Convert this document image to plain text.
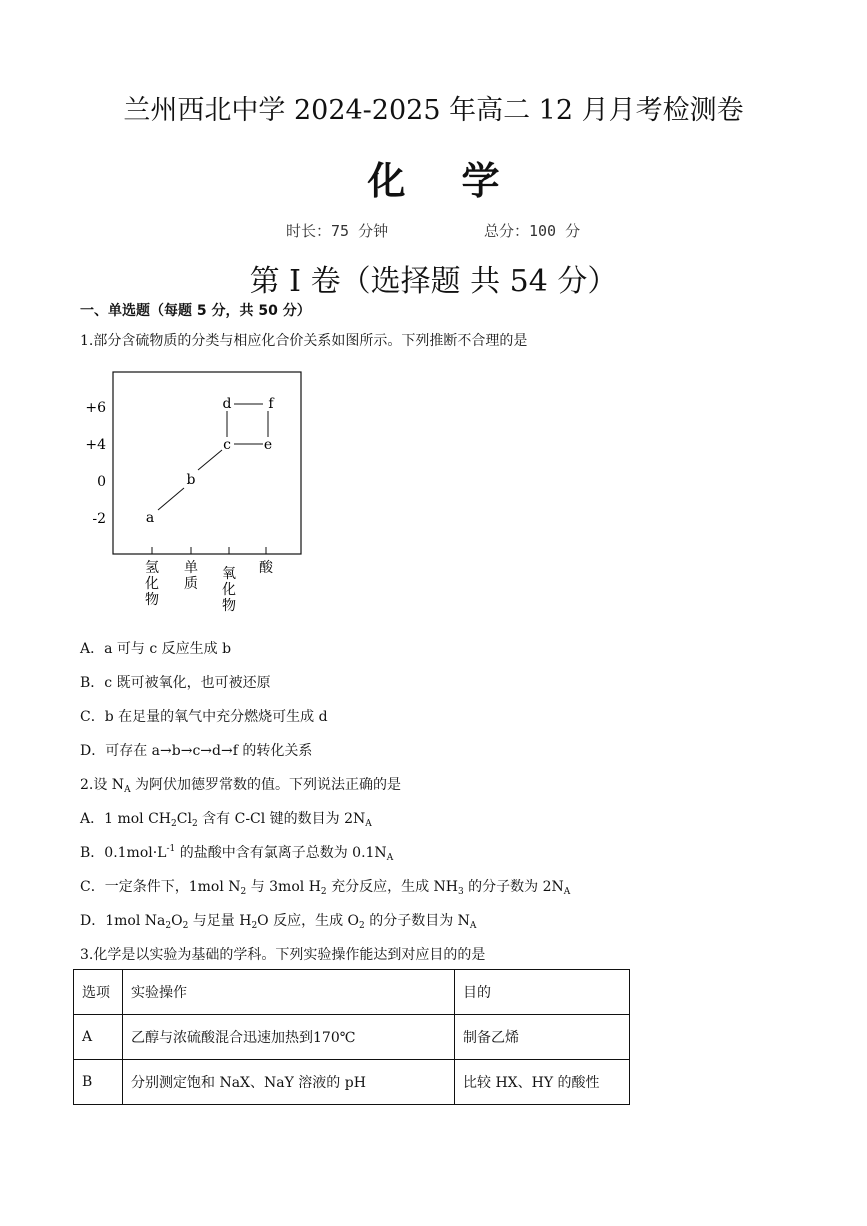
兰州西北中学 2024-2025 年高二 12 月月考检测卷
化学
时长：75 分钟	总分：100 分
第 I 卷（选择题 共 54 分）
一、单选题（每题 5 分，共 50 分）
1.部分含硫物质的分类与相应化合价关系如图所示。下列推断不合理的是
+6
+4
0
-2	a
b
c
d
e
f
氢化物
单质
氧化物
酸
A．a 可与 c 反应生成 b
B．c 既可被氧化，也可被还原
C．b 在足量的氧气中充分燃烧可生成 d
D．可存在 a→b→c→d→f 的转化关系
2.设 $N_A$ 为阿伏加德罗常数的值。下列说法正确的是
A．1 mol $CH_2Cl_2$ 含有 C-Cl 键的数目为 $2N_A$
B．$0.1mol\cdot L^{-1}$ 的盐酸中含有氯离子总数为 $0.1N_A$
C．一定条件下，1mol $N_2$ 与 3mol $H_2$ 充分反应，生成 $NH_3$ 的分子数为 $2N_A$
D．1mol $Na_2O_2$ 与足量 $H_2O$ 反应，生成 $O_2$ 的分子数目为 $N_A$
3.化学是以实验为基础的学科。下列实验操作能达到对应目的的是
选项	实验操作	目的
A	乙醇与浓硫酸混合迅速加热到170℃	制备乙烯
B	分别测定饱和 NaX、NaY 溶液的 pH	比较 HX、HY 的酸性
